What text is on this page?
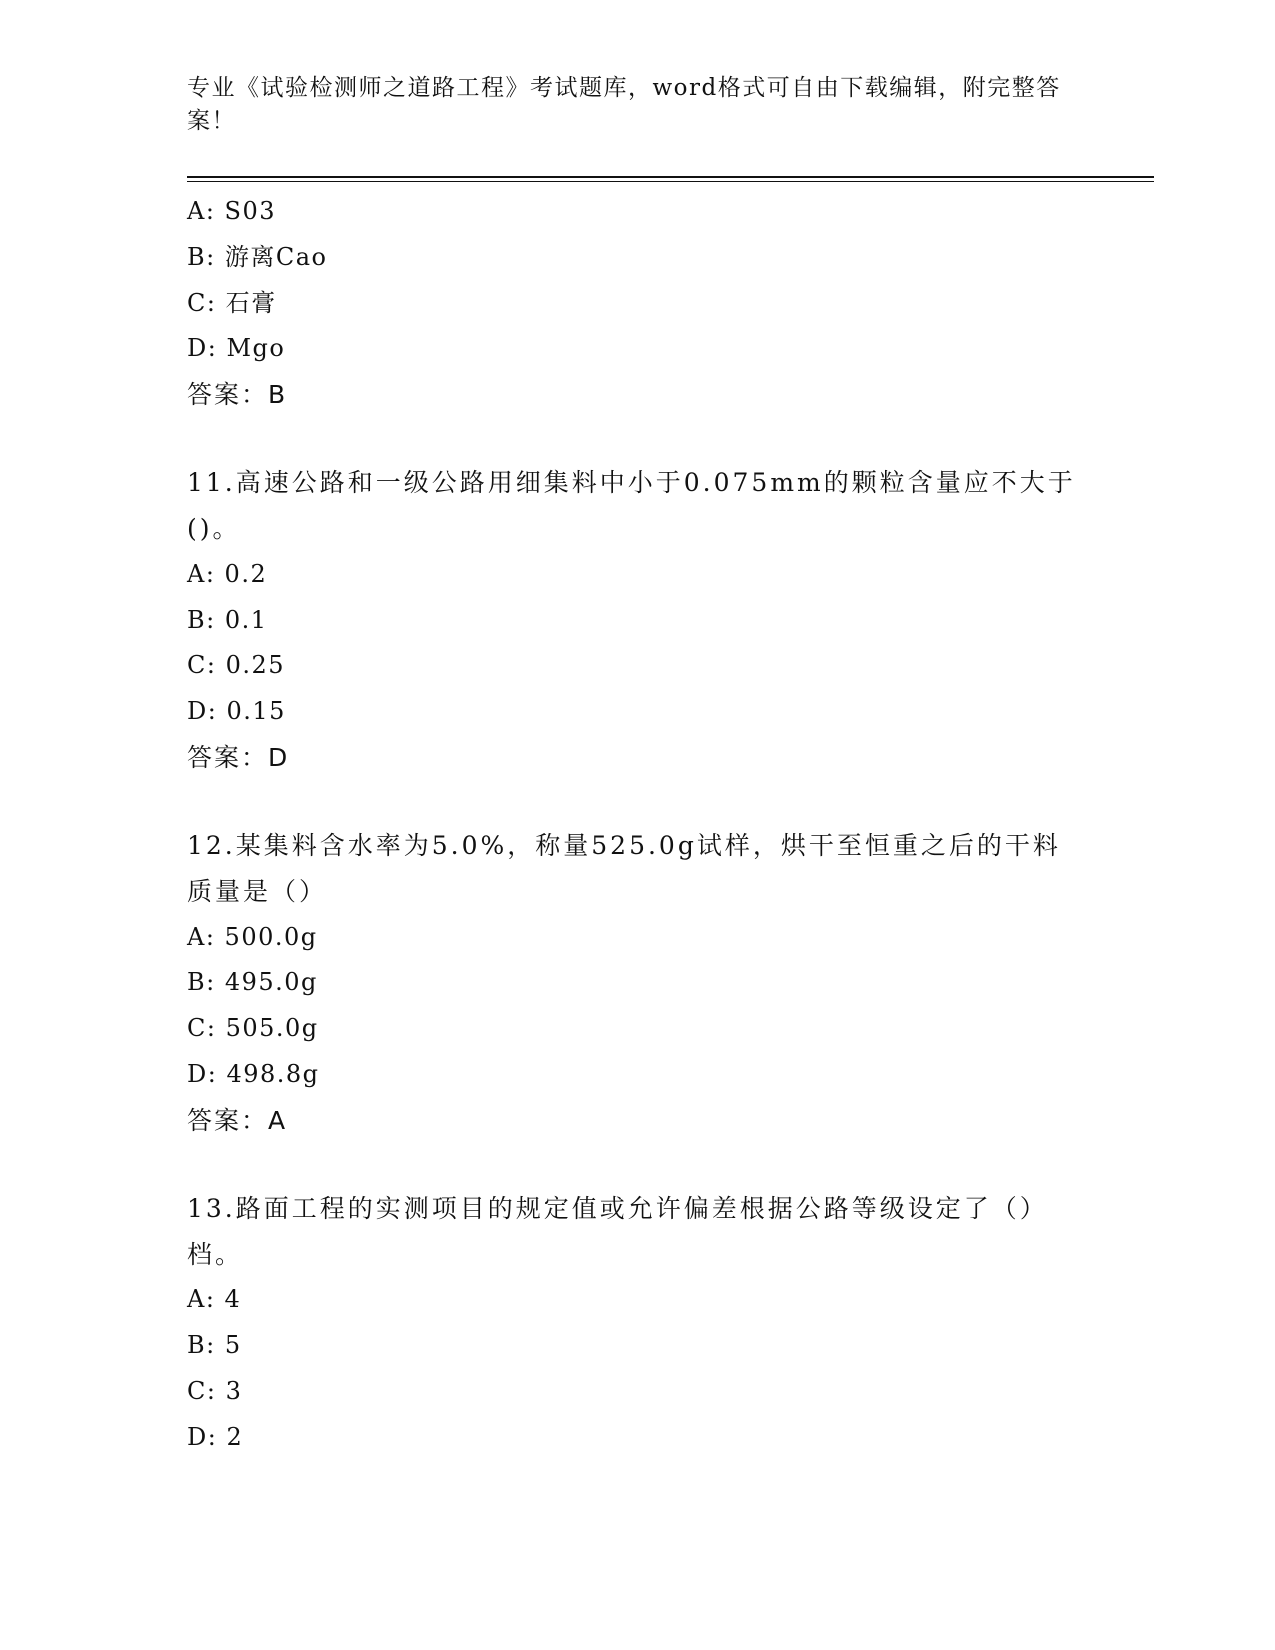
专业《试验检测师之道路工程》考试题库，word格式可自由下载编辑，附完整答案！
A: S03
B: 游离Cao
C: 石膏
D: Mgo
答案：B
11.高速公路和一级公路用细集料中小于0.075mm的颗粒含量应不大于()。
A: 0.2
B: 0.1
C: 0.25
D: 0.15
答案：D
12.某集料含水率为5.0%，称量525.0g试样，烘干至恒重之后的干料质量是（）
A: 500.0g
B: 495.0g
C: 505.0g
D: 498.8g
答案：A
13.路面工程的实测项目的规定值或允许偏差根据公路等级设定了（）档。
A: 4
B: 5
C: 3
D: 2
